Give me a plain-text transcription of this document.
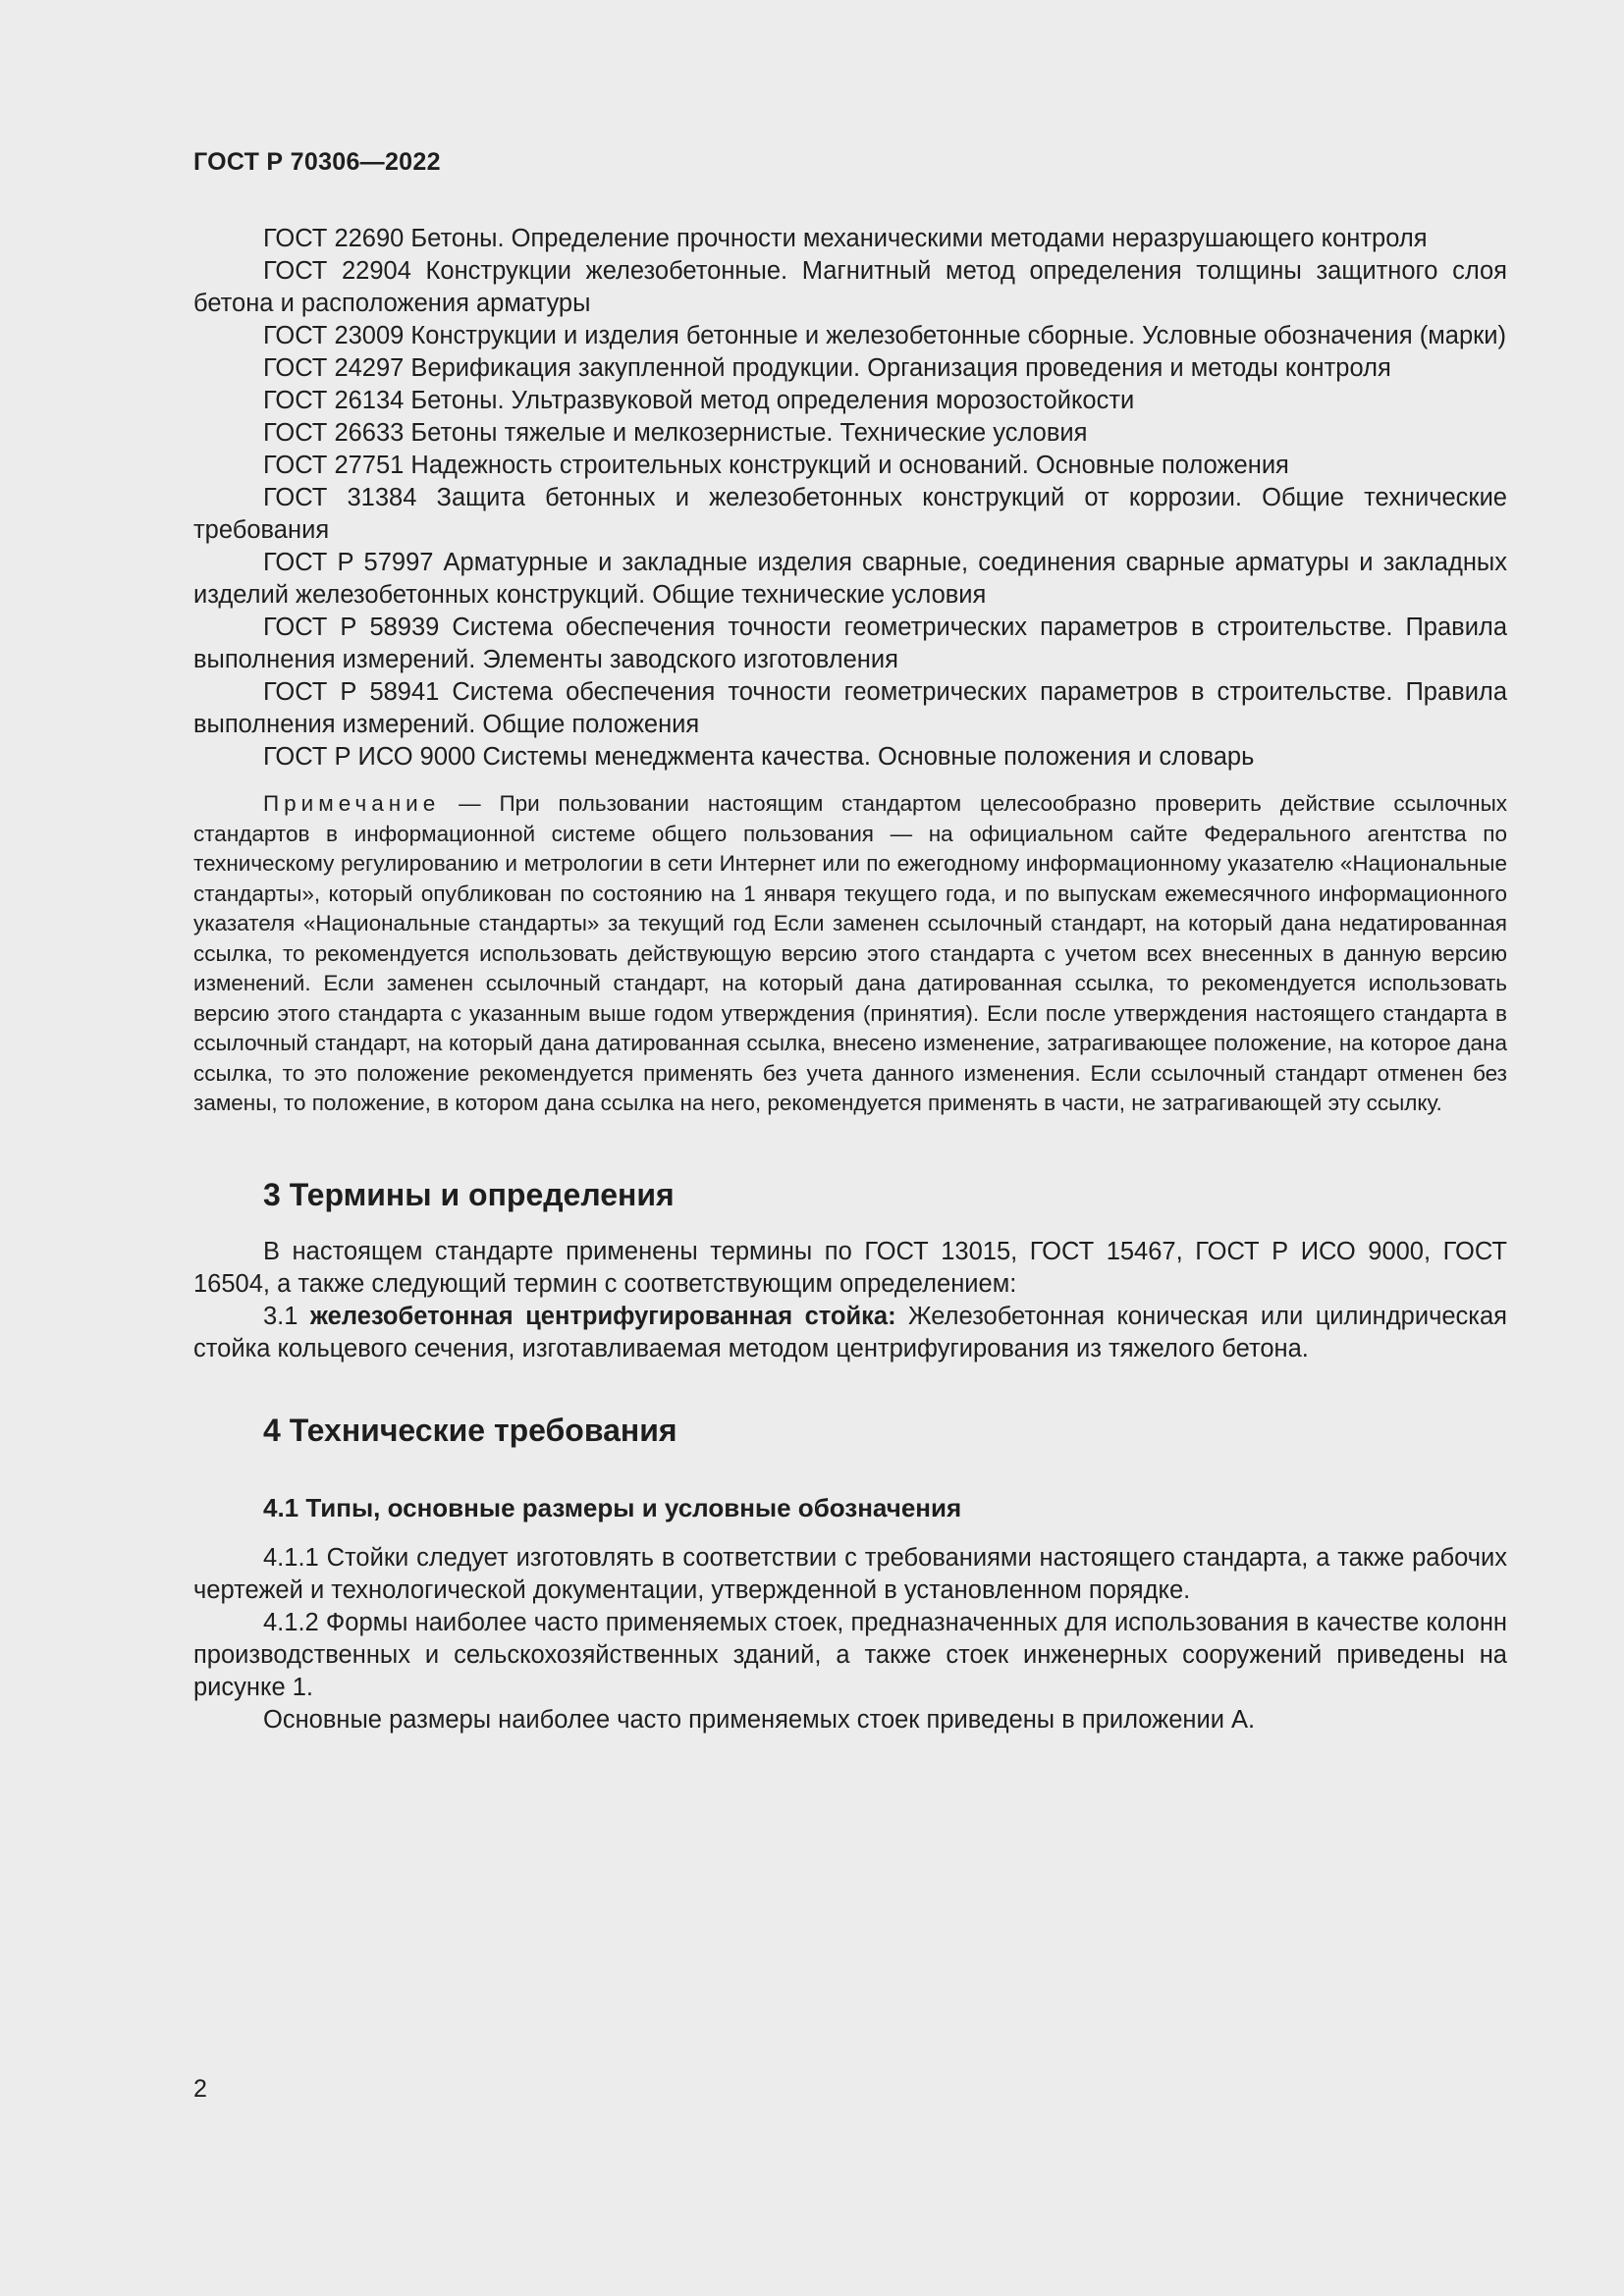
ГОСТ Р 70306—2022

ГОСТ 22690 Бетоны. Определение прочности механическими методами неразрушающего контроля

ГОСТ 22904 Конструкции железобетонные. Магнитный метод определения толщины защитного слоя бетона и расположения арматуры

ГОСТ 23009 Конструкции и изделия бетонные и железобетонные сборные. Условные обозначения (марки)

ГОСТ 24297 Верификация закупленной продукции. Организация проведения и методы контроля

ГОСТ 26134 Бетоны. Ультразвуковой метод определения морозостойкости

ГОСТ 26633 Бетоны тяжелые и мелкозернистые. Технические условия

ГОСТ 27751 Надежность строительных конструкций и оснований. Основные положения

ГОСТ 31384 Защита бетонных и железобетонных конструкций от коррозии. Общие технические требования

ГОСТ Р 57997 Арматурные и закладные изделия сварные, соединения сварные арматуры и закладных изделий железобетонных конструкций. Общие технические условия

ГОСТ Р 58939 Система обеспечения точности геометрических параметров в строительстве. Правила выполнения измерений. Элементы заводского изготовления

ГОСТ Р 58941 Система обеспечения точности геометрических параметров в строительстве. Правила выполнения измерений. Общие положения

ГОСТ Р ИСО 9000 Системы менеджмента качества. Основные положения и словарь

Примечание — При пользовании настоящим стандартом целесообразно проверить действие ссылочных стандартов в информационной системе общего пользования — на официальном сайте Федерального агентства по техническому регулированию и метрологии в сети Интернет или по ежегодному информационному указателю «Национальные стандарты», который опубликован по состоянию на 1 января текущего года, и по выпускам ежемесячного информационного указателя «Национальные стандарты» за текущий год Если заменен ссылочный стандарт, на который дана недатированная ссылка, то рекомендуется использовать действующую версию этого стандарта с учетом всех внесенных в данную версию изменений. Если заменен ссылочный стандарт, на который дана датированная ссылка, то рекомендуется использовать версию этого стандарта с указанным выше годом утверждения (принятия). Если после утверждения настоящего стандарта в ссылочный стандарт, на который дана датированная ссылка, внесено изменение, затрагивающее положение, на которое дана ссылка, то это положение рекомендуется применять без учета данного изменения. Если ссылочный стандарт отменен без замены, то положение, в котором дана ссылка на него, рекомендуется применять в части, не затрагивающей эту ссылку.

3 Термины и определения

В настоящем стандарте применены термины по ГОСТ 13015, ГОСТ 15467, ГОСТ Р ИСО 9000, ГОСТ 16504, а также следующий термин с соответствующим определением:

3.1 железобетонная центрифугированная стойка: Железобетонная коническая или цилиндрическая стойка кольцевого сечения, изготавливаемая методом центрифугирования из тяжелого бетона.

4 Технические требования
4.1 Типы, основные размеры и условные обозначения

4.1.1 Стойки следует изготовлять в соответствии с требованиями настоящего стандарта, а также рабочих чертежей и технологической документации, утвержденной в установленном порядке.

4.1.2 Формы наиболее часто применяемых стоек, предназначенных для использования в качестве колонн производственных и сельскохозяйственных зданий, а также стоек инженерных сооружений приведены на рисунке 1.

Основные размеры наиболее часто применяемых стоек приведены в приложении А.

2
